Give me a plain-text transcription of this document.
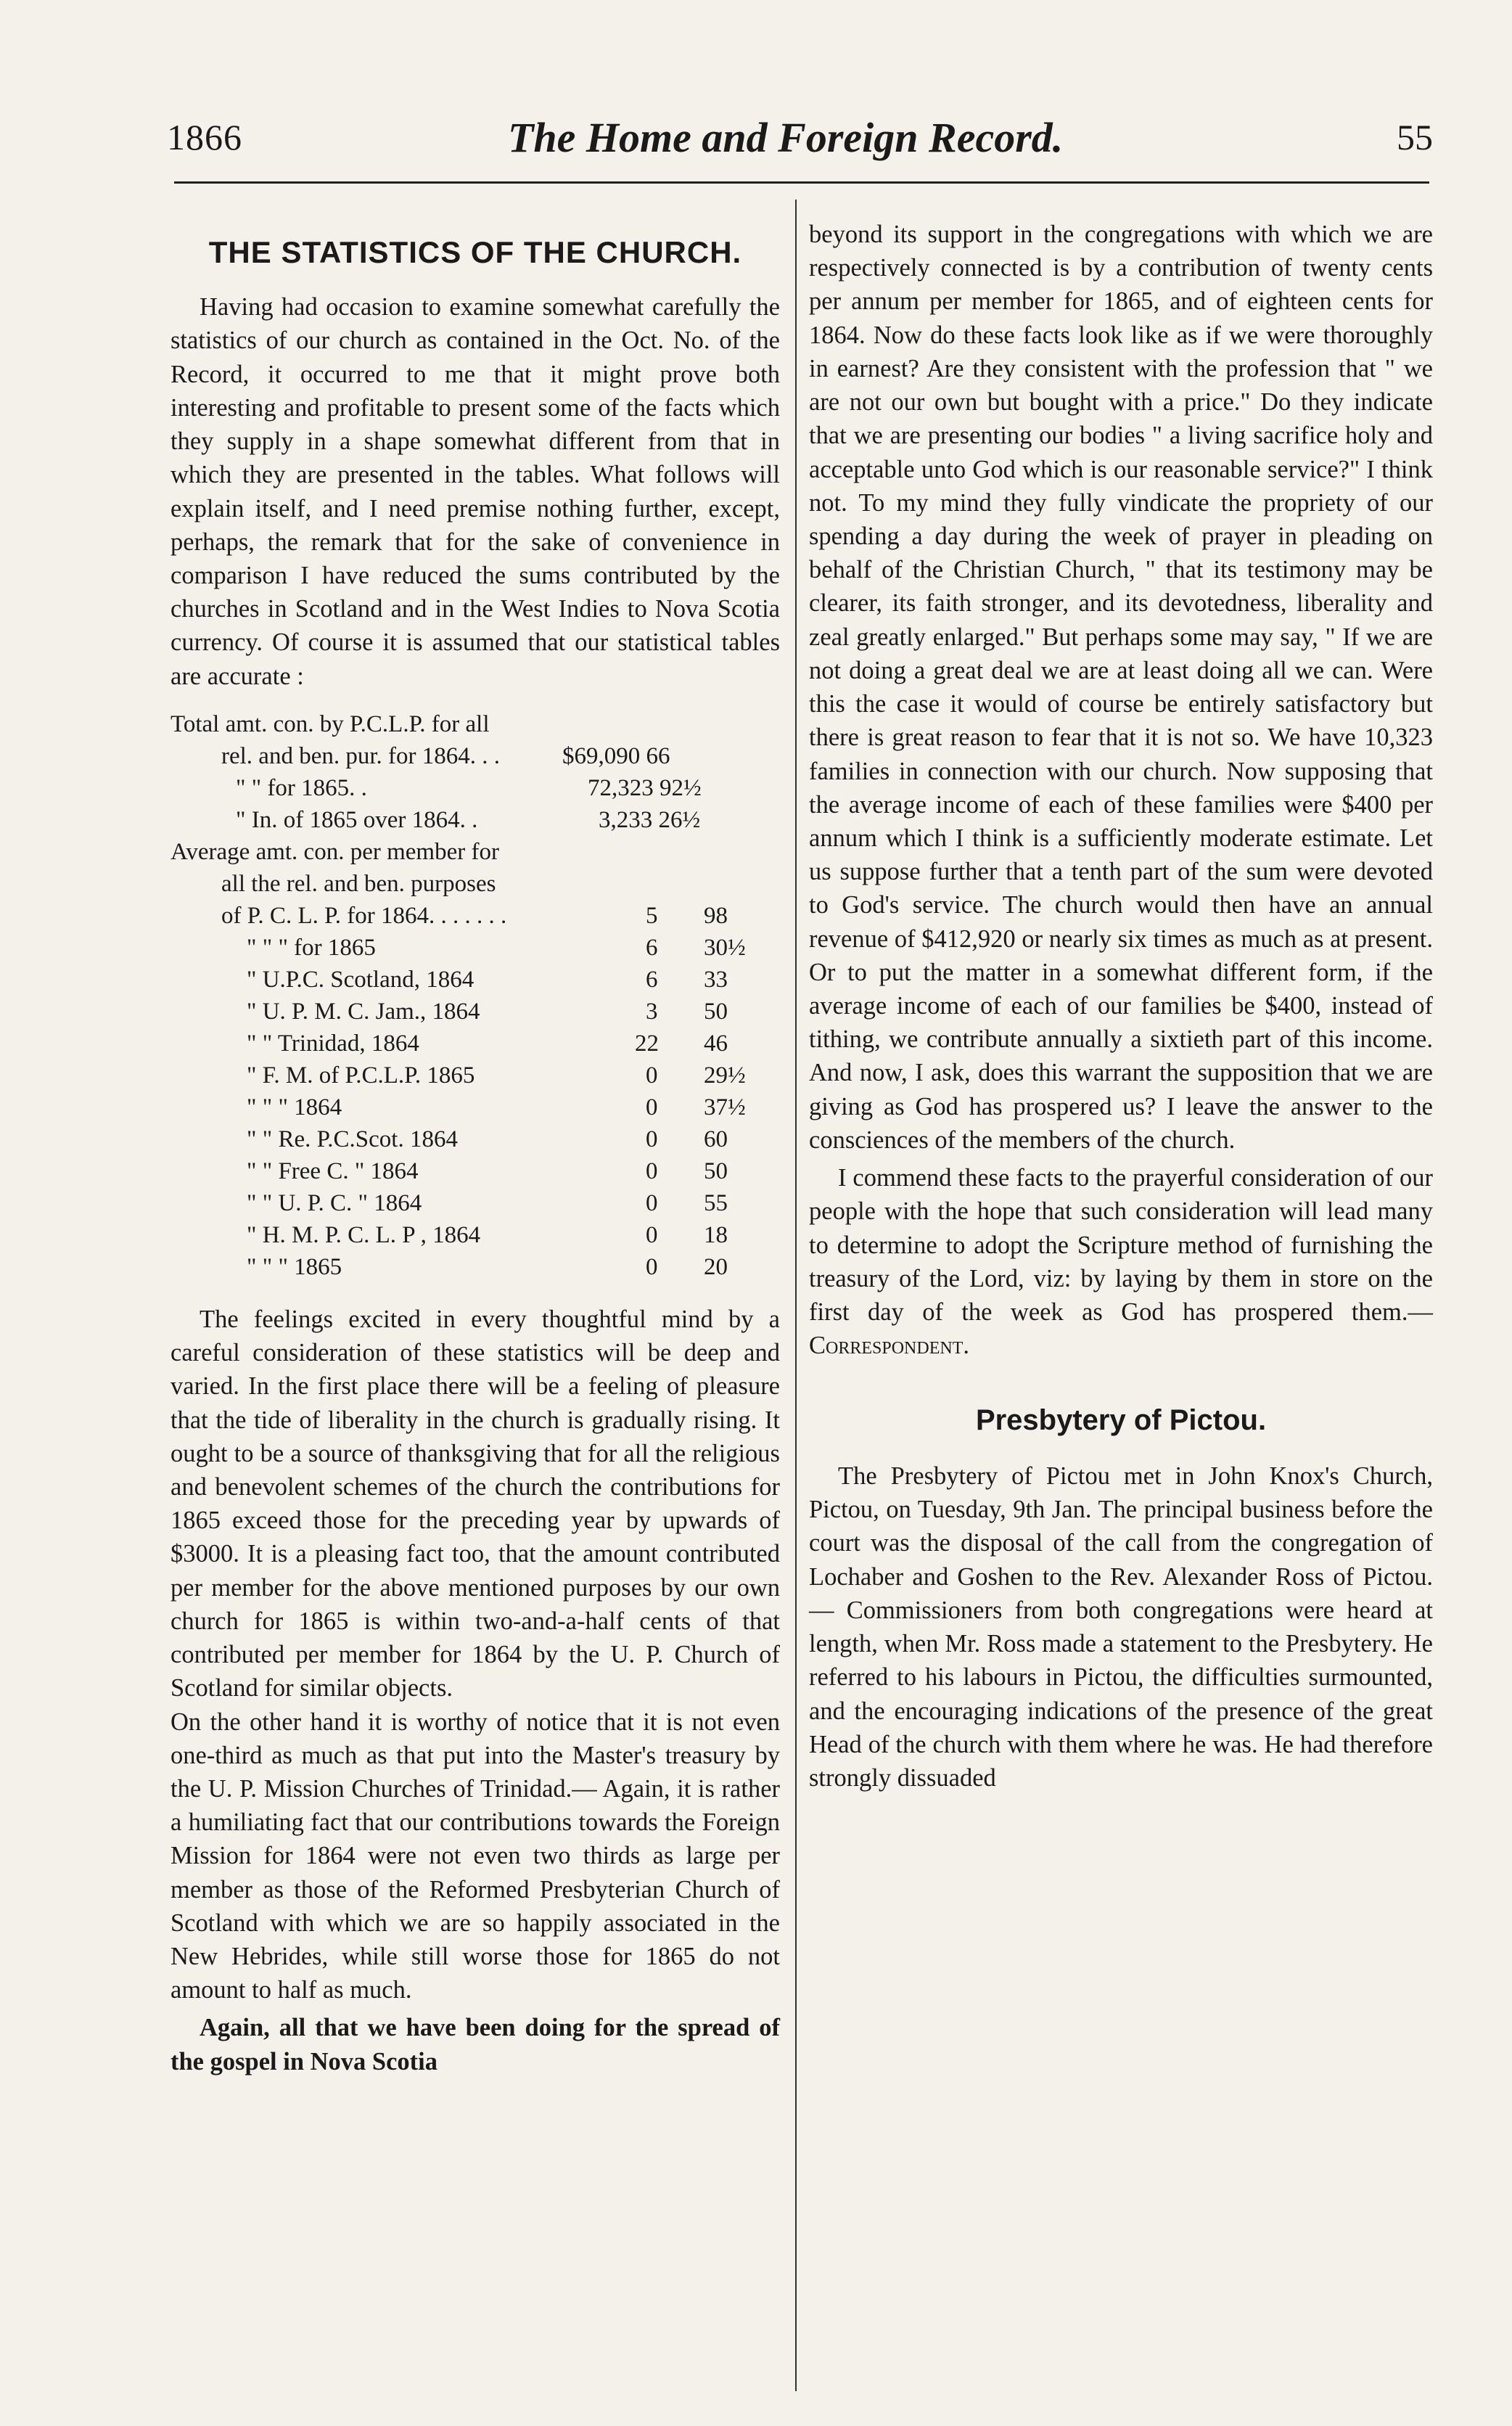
1866	The Home and Foreign Record.	55
THE STATISTICS OF THE CHURCH.

Having had occasion to examine somewhat carefully the statistics of our church as contained in the Oct. No. of the Record, it occurred to me that it might prove both interesting and profitable to present some of the facts which they supply in a shape somewhat different from that in which they are presented in the tables. What follows will explain itself, and I need premise nothing further, except, perhaps, the remark that for the sake of convenience in comparison I have reduced the sums contributed by the churches in Scotland and in the West Indies to Nova Scotia currency. Of course it is assumed that our statistical tables are accurate :

Total amt. con. by P.C.L.P. for all
rel. and ben. pur. for 1864. . .	$69,090 66
" " for 1865. .	72,323 92½
" In. of 1865 over 1864. .	3,233 26½
Average amt. con. per member for
all the rel. and ben. purposes
of P. C. L. P. for 1864. . . . . . .	5 98
" " " for 1865	6 30½
" U.P.C. Scotland, 1864	6 33
" U. P. M. C. Jam., 1864	3 50
" " Trinidad, 1864	22 46
" F. M. of P.C.L.P. 1865	0 29½
" " " 1864	0 37½
" " Re. P.C.Scot. 1864	0 60
" " Free C. " 1864	0 50
" " U. P. C. " 1864	0 55
" H. M. P. C. L. P , 1864	0 18
" " " 1865	0 20

The feelings excited in every thoughtful mind by a careful consideration of these statistics will be deep and varied. In the first place there will be a feeling of pleasure that the tide of liberality in the church is gradually rising. It ought to be a source of thanksgiving that for all the religious and benevolent schemes of the church the contributions for 1865 exceed those for the preceding year by upwards of $3000. It is a pleasing fact too, that the amount contributed per member for the above mentioned purposes by our own church for 1865 is within two-and-a-half cents of that contributed per member for 1864 by the U. P. Church of Scotland for similar objects.

On the other hand it is worthy of notice that it is not even one-third as much as that put into the Master's treasury by the U. P. Mission Churches of Trinidad.— Again, it is rather a humiliating fact that our contributions towards the Foreign Mission for 1864 were not even two thirds as large per member as those of the Reformed Presbyterian Church of Scotland with which we are so happily associated in the New Hebrides, while still worse those for 1865 do not amount to half as much.

Again, all that we have been doing for the spread of the gospel in Nova Scotia

beyond its support in the congregations with which we are respectively connected is by a contribution of twenty cents per annum per member for 1865, and of eighteen cents for 1864. Now do these facts look like as if we were thoroughly in earnest? Are they consistent with the profession that " we are not our own but bought with a price." Do they indicate that we are presenting our bodies " a living sacrifice holy and acceptable unto God which is our reasonable service?" I think not. To my mind they fully vindicate the propriety of our spending a day during the week of prayer in pleading on behalf of the Christian Church, " that its testimony may be clearer, its faith stronger, and its devotedness, liberality and zeal greatly enlarged." But perhaps some may say, " If we are not doing a great deal we are at least doing all we can. Were this the case it would of course be entirely satisfactory but there is great reason to fear that it is not so. We have 10,323 families in connection with our church. Now supposing that the average income of each of these families were $400 per annum which I think is a sufficiently moderate estimate. Let us suppose further that a tenth part of the sum were devoted to God's service. The church would then have an annual revenue of $412,920 or nearly six times as much as at present. Or to put the matter in a somewhat different form, if the average income of each of our families be $400, instead of tithing, we contribute annually a sixtieth part of this income. And now, I ask, does this warrant the supposition that we are giving as God has prospered us? I leave the answer to the consciences of the members of the church.

I commend these facts to the prayerful consideration of our people with the hope that such consideration will lead many to determine to adopt the Scripture method of furnishing the treasury of the Lord, viz: by laying by them in store on the first day of the week as God has prospered them.—Correspondent.

Presbytery of Pictou.

The Presbytery of Pictou met in John Knox's Church, Pictou, on Tuesday, 9th Jan. The principal business before the court was the disposal of the call from the congregation of Lochaber and Goshen to the Rev. Alexander Ross of Pictou.— Commissioners from both congregations were heard at length, when Mr. Ross made a statement to the Presbytery. He referred to his labours in Pictou, the difficulties surmounted, and the encouraging indications of the presence of the great Head of the church with them where he was. He had therefore strongly dissuaded
